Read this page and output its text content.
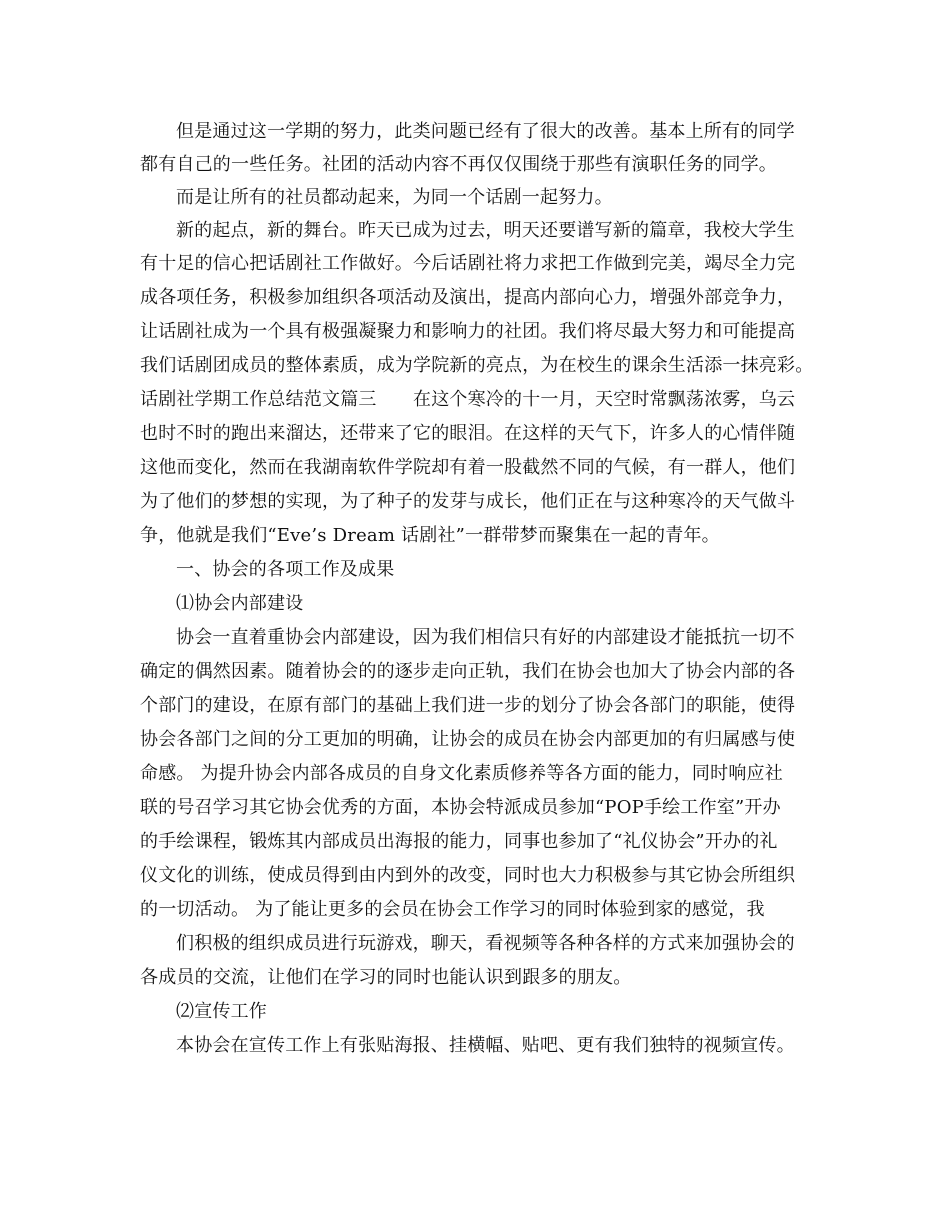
但是通过这一学期的努力，此类问题已经有了很大的改善。基本上所有的同学
都有自己的一些任务。社团的活动内容不再仅仅围绕于那些有演职任务的同学。
而是让所有的社员都动起来，为同一个话剧一起努力。
新的起点，新的舞台。昨天已成为过去，明天还要谱写新的篇章，我校大学生
有十足的信心把话剧社工作做好。今后话剧社将力求把工作做到完美，竭尽全力完
成各项任务，积极参加组织各项活动及演出，提高内部向心力，增强外部竞争力，
让话剧社成为一个具有极强凝聚力和影响力的社团。我们将尽最大努力和可能提高
我们话剧团成员的整体素质，成为学院新的亮点，为在校生的课余生活添一抹亮彩。
话剧社学期工作总结范文篇三　　在这个寒冷的十一月，天空时常飘荡浓雾，乌云
也时不时的跑出来溜达，还带来了它的眼泪。在这样的天气下，许多人的心情伴随
这他而变化，然而在我湖南软件学院却有着一股截然不同的气候，有一群人，他们
为了他们的梦想的实现，为了种子的发芽与成长，他们正在与这种寒冷的天气做斗
争，他就是我们“Eve’s Dream 话剧社”一群带梦而聚集在一起的青年。
一、协会的各项工作及成果
⑴协会内部建设
协会一直着重协会内部建设，因为我们相信只有好的内部建设才能抵抗一切不
确定的偶然因素。随着协会的的逐步走向正轨，我们在协会也加大了协会内部的各
个部门的建设，在原有部门的基础上我们进一步的划分了协会各部门的职能，使得
协会各部门之间的分工更加的明确，让协会的成员在协会内部更加的有归属感与使
命感。 为提升协会内部各成员的自身文化素质修养等各方面的能力，同时响应社
联的号召学习其它协会优秀的方面，本协会特派成员参加“POP手绘工作室”开办
的手绘课程，锻炼其内部成员出海报的能力，同事也参加了“礼仪协会”开办的礼
仪文化的训练，使成员得到由内到外的改变，同时也大力积极参与其它协会所组织
的一切活动。 为了能让更多的会员在协会工作学习的同时体验到家的感觉，我
们积极的组织成员进行玩游戏，聊天，看视频等各种各样的方式来加强协会的
各成员的交流，让他们在学习的同时也能认识到跟多的朋友。
⑵宣传工作
本协会在宣传工作上有张贴海报、挂横幅、贴吧、更有我们独特的视频宣传。
